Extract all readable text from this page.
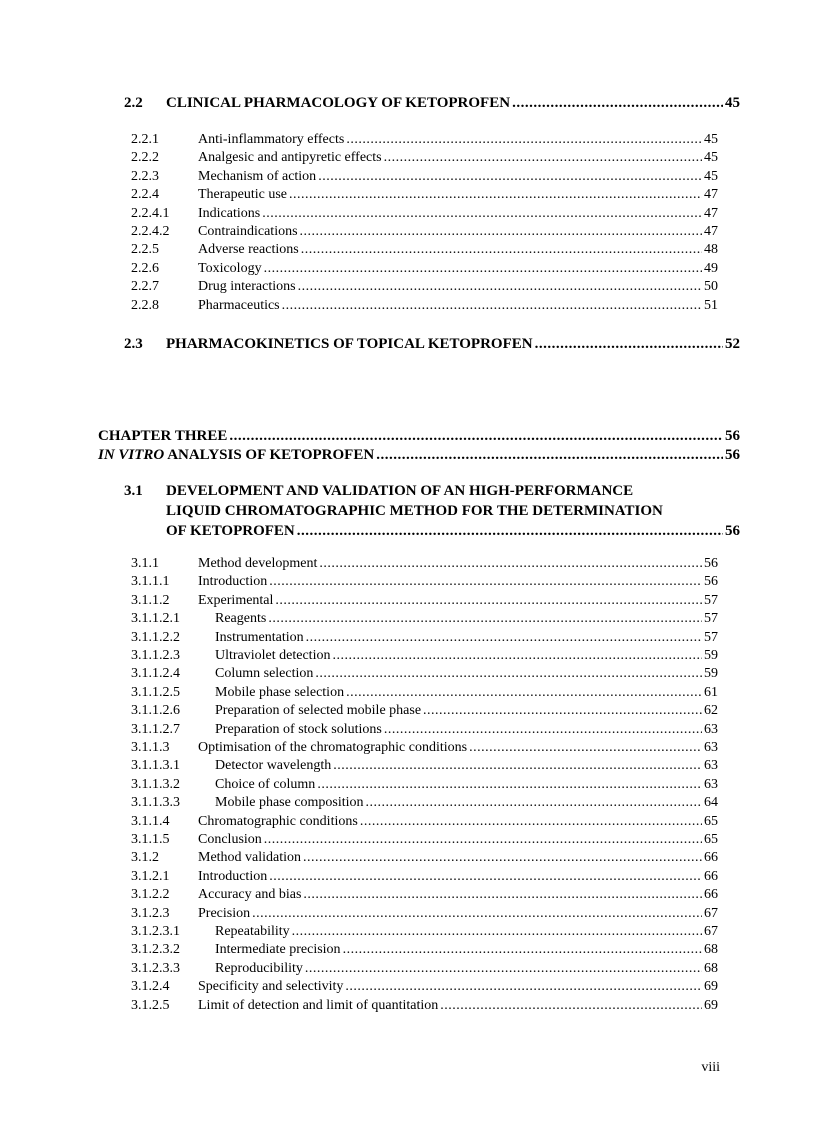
2.2	CLINICAL PHARMACOLOGY OF KETOPROFEN .....	45
2.2.1	Anti-inflammatory effects .....	45
2.2.2	Analgesic and antipyretic effects .....	45
2.2.3	Mechanism of action .....	45
2.2.4	Therapeutic use .....	47
2.2.4.1	Indications .....	47
2.2.4.2	Contraindications .....	47
2.2.5	Adverse reactions .....	48
2.2.6	Toxicology .....	49
2.2.7	Drug interactions .....	50
2.2.8	Pharmaceutics .....	51
2.3	PHARMACOKINETICS OF TOPICAL KETOPROFEN .....	52
CHAPTER THREE .....	56
IN VITRO ANALYSIS OF KETOPROFEN .....	56
3.1	DEVELOPMENT AND VALIDATION OF AN HIGH-PERFORMANCE
LIQUID CHROMATOGRAPHIC METHOD FOR THE DETERMINATION
OF KETOPROFEN .....	56
3.1.1	Method development .....	56
3.1.1.1	Introduction .....	56
3.1.1.2	Experimental .....	57
3.1.1.2.1	Reagents .....	57
3.1.1.2.2	Instrumentation .....	57
3.1.1.2.3	Ultraviolet detection .....	59
3.1.1.2.4	Column selection .....	59
3.1.1.2.5	Mobile phase selection .....	61
3.1.1.2.6	Preparation of selected mobile phase .....	62
3.1.1.2.7	Preparation of stock solutions .....	63
3.1.1.3	Optimisation of the chromatographic conditions .....	63
3.1.1.3.1	Detector wavelength .....	63
3.1.1.3.2	Choice of column .....	63
3.1.1.3.3	Mobile phase composition .....	64
3.1.1.4	Chromatographic conditions .....	65
3.1.1.5	Conclusion .....	65
3.1.2	Method validation .....	66
3.1.2.1	Introduction .....	66
3.1.2.2	Accuracy and bias .....	66
3.1.2.3	Precision .....	67
3.1.2.3.1	Repeatability .....	67
3.1.2.3.2	Intermediate precision .....	68
3.1.2.3.3	Reproducibility .....	68
3.1.2.4	Specificity and selectivity .....	69
3.1.2.5	Limit of detection and limit of quantitation .....	69
viii
